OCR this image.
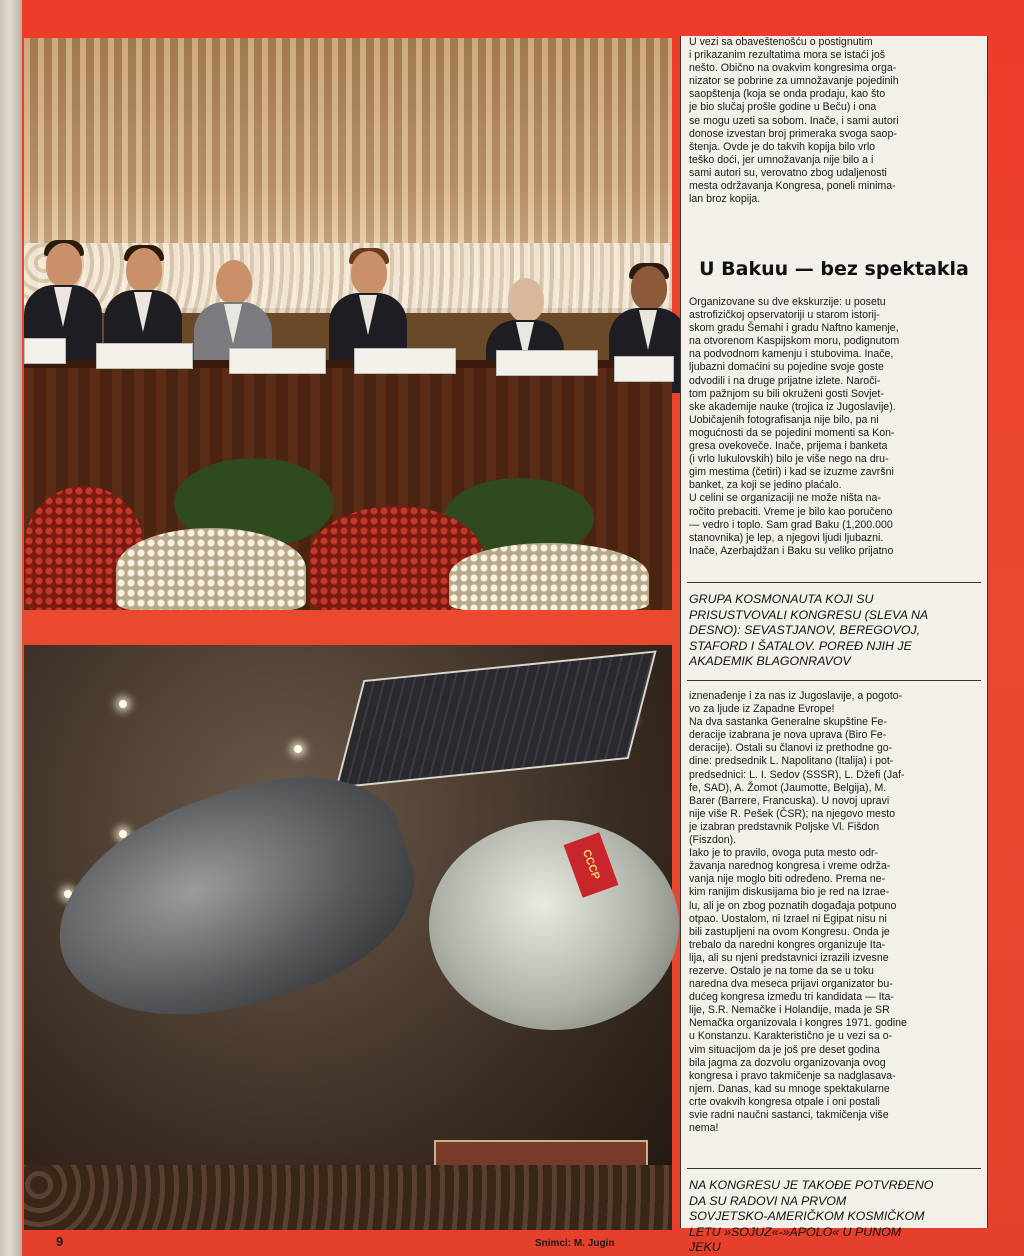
CCCP

U vezi sa obaveštenošću o postignutim
i prikazanim rezultatima mora se istaći još
nešto. Obično na ovakvim kongresima orga-
nizator se pobrine za umnožavanje pojedinih
saopštenja (koja se onda prodaju, kao što
je bio slučaj prošle godine u Beču) i ona
se mogu uzeti sa sobom. Inače, i sami autori
donose izvestan broj primeraka svoga saop-
štenja. Ovde je do takvih kopija bilo vrlo
teško doći, jer umnožavanja nije bilo a i
sami autori su, verovatno zbog udaljenosti
mesta održavanja Kongresa, poneli minima-
lan broz kopija.

U Bakuu — bez spektakla

Organizovane su dve ekskurzije: u posetu
astrofizičkoj opservatoriji u starom istorij-
skom gradu Šemahi i gradu Naftno kamenje,
na otvorenom Kaspijskom moru, podignutom
na podvodnom kamenju i stubovima. Inače,
ljubazni domaćini su pojedine svoje goste
odvodili i na druge prijatne izlete. Naroči-
tom pažnjom su bili okruženi gosti Sovjet-
ske akademije nauke (trojica iz Jugoslavije).
Uobičajenih fotografisanja nije bilo, pa ni
mogućnosti da se pojedini momenti sa Kon-
gresa ovekoveče. Inače, prijema i banketa
(i vrlo lukulovskih) bilo je više nego na dru-
gim mestima (četiri) i kad se izuzme završni
banket, za koji se jedino plaćalo.
U celini se organizaciji ne može ništa na-
ročito prebaciti. Vreme je bilo kao poručeno
— vedro i toplo. Sam grad Baku (1,200.000
stanovnika) je lep, a njegovi ljudi ljubazni.
Inače, Azerbajdžan i Baku su veliko prijatno

GRUPA KOSMONAUTA KOJI SU
PRISUSTVOVALI KONGRESU (SLEVA NA
DESNO): SEVASTJANOV, BEREGOVOJ,
STAFORD I ŠATALOV. POREĐ NJIH JE
AKADEMIK BLAGONRAVOV

iznenađenje i za nas iz Jugoslavije, a pogoto-
vo za ljude iz Zapadne Evrope!
Na dva sastanka Generalne skupštine Fe-
deracije izabrana je nova uprava (Biro Fe-
deracije). Ostali su članovi iz prethodne go-
dine: predsednik L. Napolitano (Italija) i pot-
predsednici: L. I. Sedov (SSSR), L. Džefi (Jaf-
fe, SAD), A. Žomot (Jaumotte, Belgija), M.
Barer (Barrere, Francuska). U novoj upravi
nije više R. Pešek (ČSR); na njegovo mesto
je izabran predstavnik Poljske Vl. Fišdon
(Fiszdon).
Iako je to pravilo, ovoga puta mesto odr-
žavanja narednog kongresa i vreme održa-
vanja nije moglo biti određeno. Prema ne-
kim ranijim diskusijama bio je red na Izrae-
lu, ali je on zbog poznatih događaja potpuno
otpao. Uostalom, ni Izrael ni Egipat nisu ni
bili zastupljeni na ovom Kongresu. Onda je
trebalo da naredni kongres organizuje Ita-
lija, ali su njeni predstavnici izrazili izvesne
rezerve. Ostalo je na tome da se u toku
naredna dva meseca prijavi organizator bu-
dućeg kongresa između tri kandidata — Ita-
lije, S.R. Nemačke i Holandije, mada je SR
Nemačka organizovala i kongres 1971. godine
u Konstanzu. Karakteristično je u vezi sa o-
vim situacijom da je još pre deset godina
bila jagma za dozvolu organizovanja ovog
kongresa i pravo takmičenje sa nadglasava-
njem. Danas, kad su mnoge spektakularne
crte ovakvih kongresa otpale i oni postali
svie radni naučni sastanci, takmičenja više
nema!

NA KONGRESU JE TAKOĐE POTVRĐENO
DA SU RADOVI NA PRVOM
SOVJETSKO-AMERIČKOM KOSMIČKOM
LETU »SOJUZ«-»APOLO« U PUNOM
JEKU
9	Snimci: M. Jugin
